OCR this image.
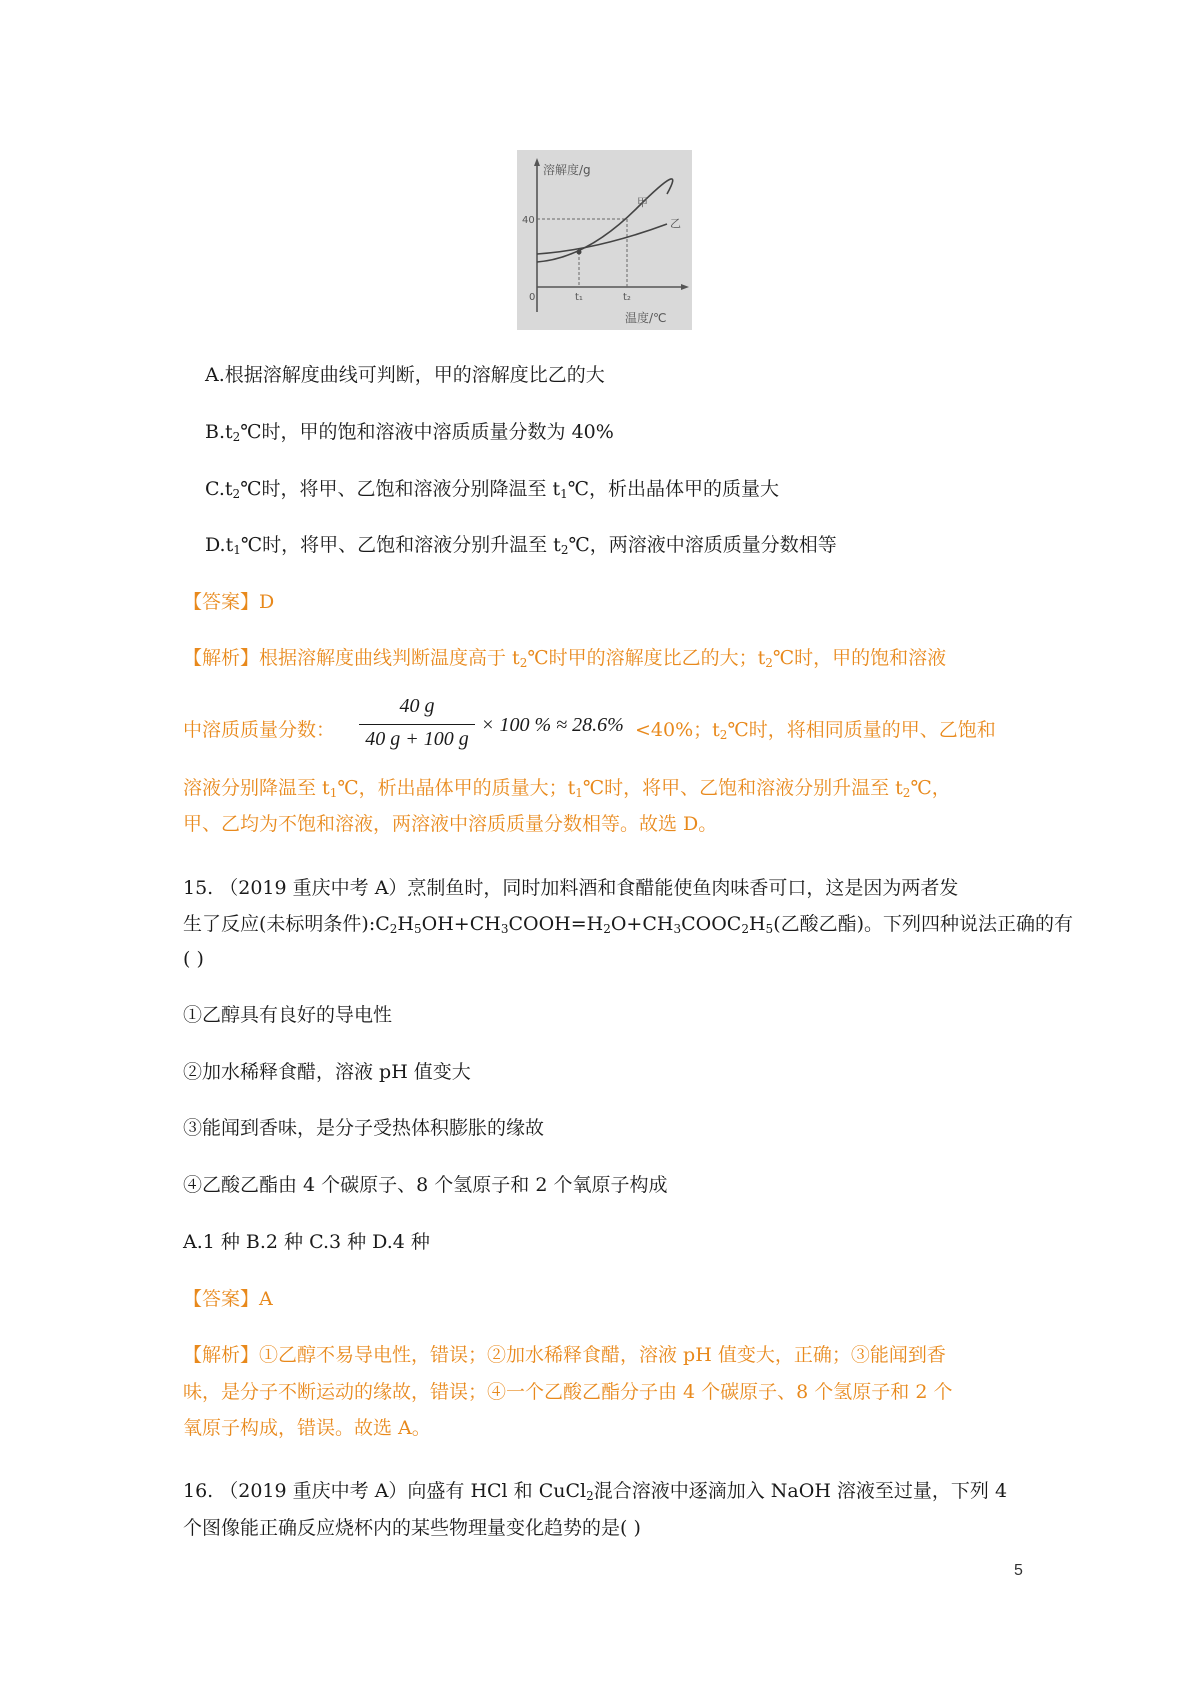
溶解度/g
40
甲
乙
0	t₁	t₂
温度/℃
A.根据溶解度曲线可判断，甲的溶解度比乙的大
$B.t_2℃$时，甲的饱和溶液中溶质质量分数为 40%
$C.t_2℃$时，将甲、乙饱和溶液分别降温至 $t_1℃$，析出晶体甲的质量大
$D.t_1℃$时，将甲、乙饱和溶液分别升温至 $t_2℃$，两溶液中溶质质量分数相等
【答案】D
【解析】根据溶解度曲线判断温度高于 $t_2℃$时甲的溶解度比乙的大；$t_2℃$时，甲的饱和溶液
中溶质质量分数：
40 g
40 g + 100 g
× 100 % ≈ 28.6% <40%；$t_2℃$时，将相同质量的甲、乙饱和
溶液分别降温至 $t_1℃$，析出晶体甲的质量大；$t_1℃$时，将甲、乙饱和溶液分别升温至 $t_2℃$，
甲、乙均为不饱和溶液，两溶液中溶质质量分数相等。故选 D。
15. （2019 重庆中考 A）烹制鱼时，同时加料酒和食醋能使鱼肉味香可口，这是因为两者发
生了反应(未标明条件)$:C_2H_5OH+CH_3COOH=H_2O+CH_3COOC_2H_5$(乙酸乙酯)。下列四种说法正确的有
( )
①乙醇具有良好的导电性
②加水稀释食醋，溶液 pH 值变大
③能闻到香味，是分子受热体积膨胀的缘故
④乙酸乙酯由 4 个碳原子、8 个氢原子和 2 个氧原子构成
A.1 种 B.2 种 C.3 种 D.4 种
【答案】A
【解析】①乙醇不易导电性，错误；②加水稀释食醋，溶液 pH 值变大，正确；③能闻到香
味，是分子不断运动的缘故，错误；④一个乙酸乙酯分子由 4 个碳原子、8 个氢原子和 2 个
氧原子构成，错误。故选 A。
16. （2019 重庆中考 A）向盛有 HCl 和 CuCl$_2$混合溶液中逐滴加入 NaOH 溶液至过量，下列 4
个图像能正确反应烧杯内的某些物理量变化趋势的是( )
5
